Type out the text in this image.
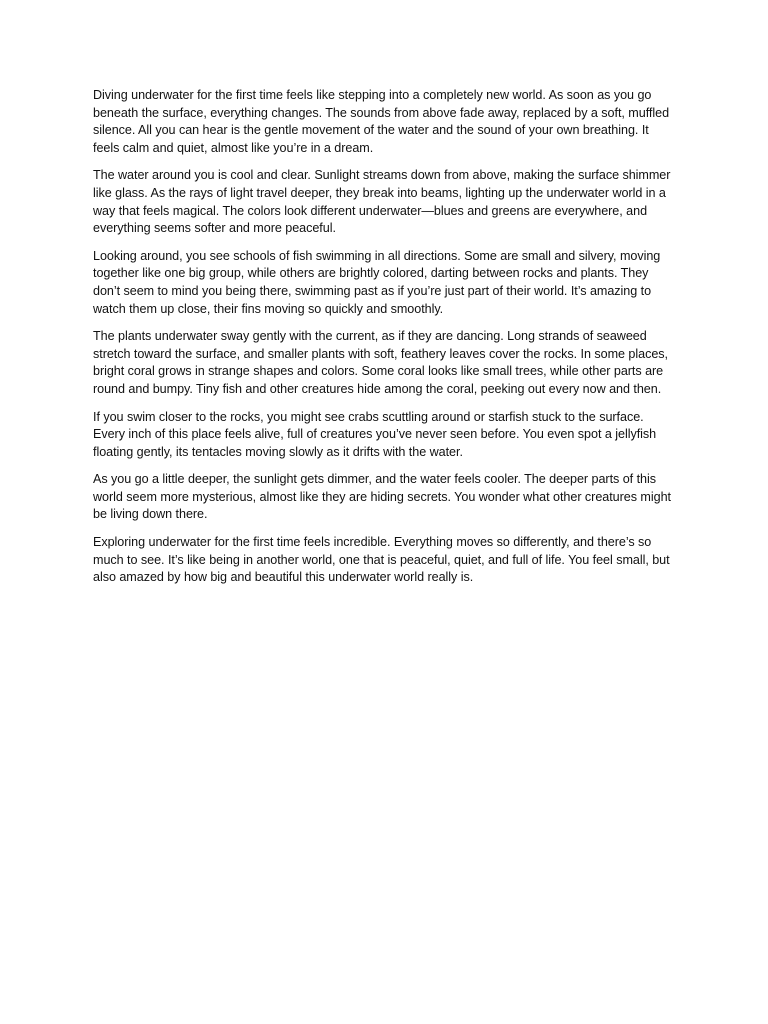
Diving underwater for the first time feels like stepping into a completely new world. As soon as you go beneath the surface, everything changes. The sounds from above fade away, replaced by a soft, muffled silence. All you can hear is the gentle movement of the water and the sound of your own breathing. It feels calm and quiet, almost like you’re in a dream.

The water around you is cool and clear. Sunlight streams down from above, making the surface shimmer like glass. As the rays of light travel deeper, they break into beams, lighting up the underwater world in a way that feels magical. The colors look different underwater—blues and greens are everywhere, and everything seems softer and more peaceful.

Looking around, you see schools of fish swimming in all directions. Some are small and silvery, moving together like one big group, while others are brightly colored, darting between rocks and plants. They don’t seem to mind you being there, swimming past as if you’re just part of their world. It’s amazing to watch them up close, their fins moving so quickly and smoothly.

The plants underwater sway gently with the current, as if they are dancing. Long strands of seaweed stretch toward the surface, and smaller plants with soft, feathery leaves cover the rocks. In some places, bright coral grows in strange shapes and colors. Some coral looks like small trees, while other parts are round and bumpy. Tiny fish and other creatures hide among the coral, peeking out every now and then.

If you swim closer to the rocks, you might see crabs scuttling around or starfish stuck to the surface. Every inch of this place feels alive, full of creatures you’ve never seen before. You even spot a jellyfish floating gently, its tentacles moving slowly as it drifts with the water.

As you go a little deeper, the sunlight gets dimmer, and the water feels cooler. The deeper parts of this world seem more mysterious, almost like they are hiding secrets. You wonder what other creatures might be living down there.

Exploring underwater for the first time feels incredible. Everything moves so differently, and there’s so much to see. It’s like being in another world, one that is peaceful, quiet, and full of life. You feel small, but also amazed by how big and beautiful this underwater world really is.
